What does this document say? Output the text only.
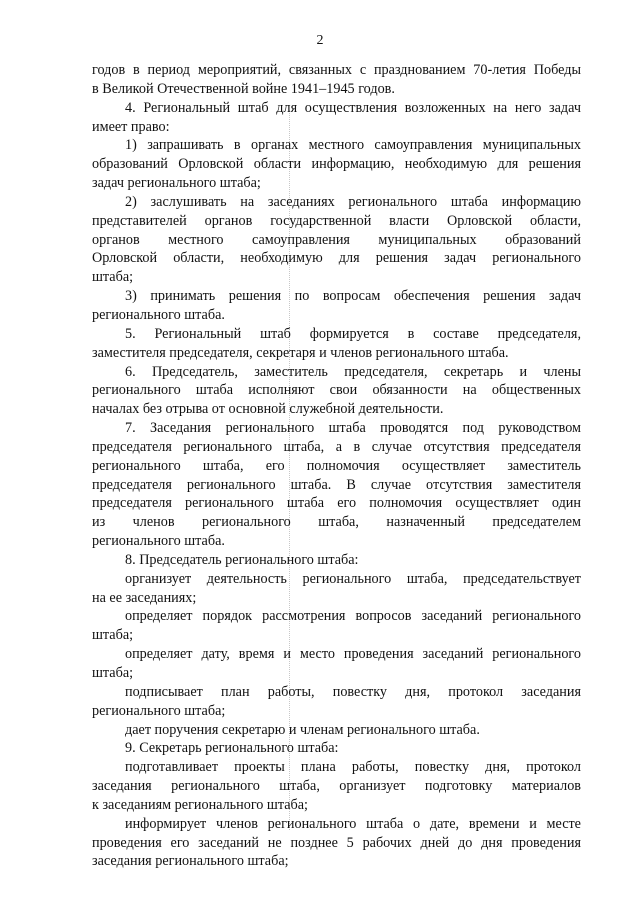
2
годов в период мероприятий, связанных с празднованием 70-летия Победы
в Великой Отечественной войне 1941–1945 годов.
4. Региональный штаб для осуществления возложенных на него задач
имеет право:
1) запрашивать в органах местного самоуправления муниципальных
образований Орловской области информацию, необходимую для решения
задач регионального штаба;
2) заслушивать на заседаниях регионального штаба информацию
представителей органов государственной власти Орловской области,
органов местного самоуправления муниципальных образований
Орловской области, необходимую для решения задач регионального
штаба;
3) принимать решения по вопросам обеспечения решения задач
регионального штаба.
5. Региональный штаб формируется в составе председателя,
заместителя председателя, секретаря и членов регионального штаба.
6. Председатель, заместитель председателя, секретарь и члены
регионального штаба исполняют свои обязанности на общественных
началах без отрыва от основной служебной деятельности.
7. Заседания регионального штаба проводятся под руководством
председателя регионального штаба, а в случае отсутствия председателя
регионального штаба, его полномочия осуществляет заместитель
председателя регионального штаба. В случае отсутствия заместителя
председателя регионального штаба его полномочия осуществляет один
из членов регионального штаба, назначенный председателем
регионального штаба.
8. Председатель регионального штаба:
организует деятельность регионального штаба, председательствует
на ее заседаниях;
определяет порядок рассмотрения вопросов заседаний регионального
штаба;
определяет дату, время и место проведения заседаний регионального
штаба;
подписывает план работы, повестку дня, протокол заседания
регионального штаба;
дает поручения секретарю и членам регионального штаба.
9. Секретарь регионального штаба:
подготавливает проекты плана работы, повестку дня, протокол
заседания регионального штаба, организует подготовку материалов
к заседаниям регионального штаба;
информирует членов регионального штаба о дате, времени и месте
проведения его заседаний не позднее 5 рабочих дней до дня проведения
заседания регионального штаба;
